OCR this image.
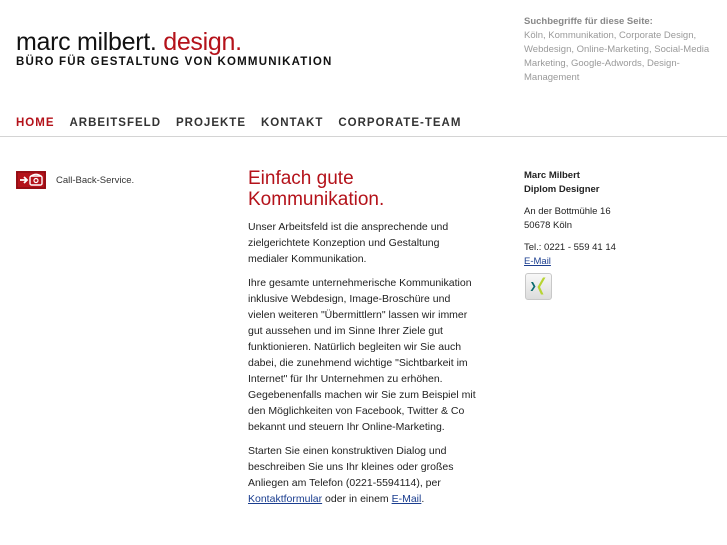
marc milbert. design.
BÜRO FÜR GESTALTUNG VON KOMMUNIKATION
Suchbegriffe für diese Seite:
Köln, Kommunikation, Corporate Design, Webdesign, Online-Marketing, Social-Media Marketing, Google-Adwords, Design-Management
HOME ARBEITSFELD PROJEKTE KONTAKT CORPORATE-TEAM
Call-Back-Service.	Einfach gute
Kommunikation.

Unser Arbeitsfeld ist die ansprechende und zielgerichtete Konzeption und Gestaltung medialer Kommunikation.

Ihre gesamte unternehmerische Kommunikation inklusive Webdesign, Image-Broschüre und vielen weiteren "Übermittlern" lassen wir immer gut aussehen und im Sinne Ihrer Ziele gut funktionieren. Natürlich begleiten wir Sie auch dabei, die zunehmend wichtige "Sichtbarkeit im Internet" für Ihr Unternehmen zu erhöhen. Gegebenenfalls machen wir Sie zum Beispiel mit den Möglichkeiten von Facebook, Twitter & Co bekannt und steuern Ihr Online-Marketing.

Starten Sie einen konstruktiven Dialog und beschreiben Sie uns Ihr kleines oder großes Anliegen am Telefon (0221-5594114), per Kontaktformular oder in einem E-Mail.

Marc Milbert
Diplom Designer
An der Bottmühle 16
50678 Köln
Tel.: 0221 - 559 41 14
E-Mail
